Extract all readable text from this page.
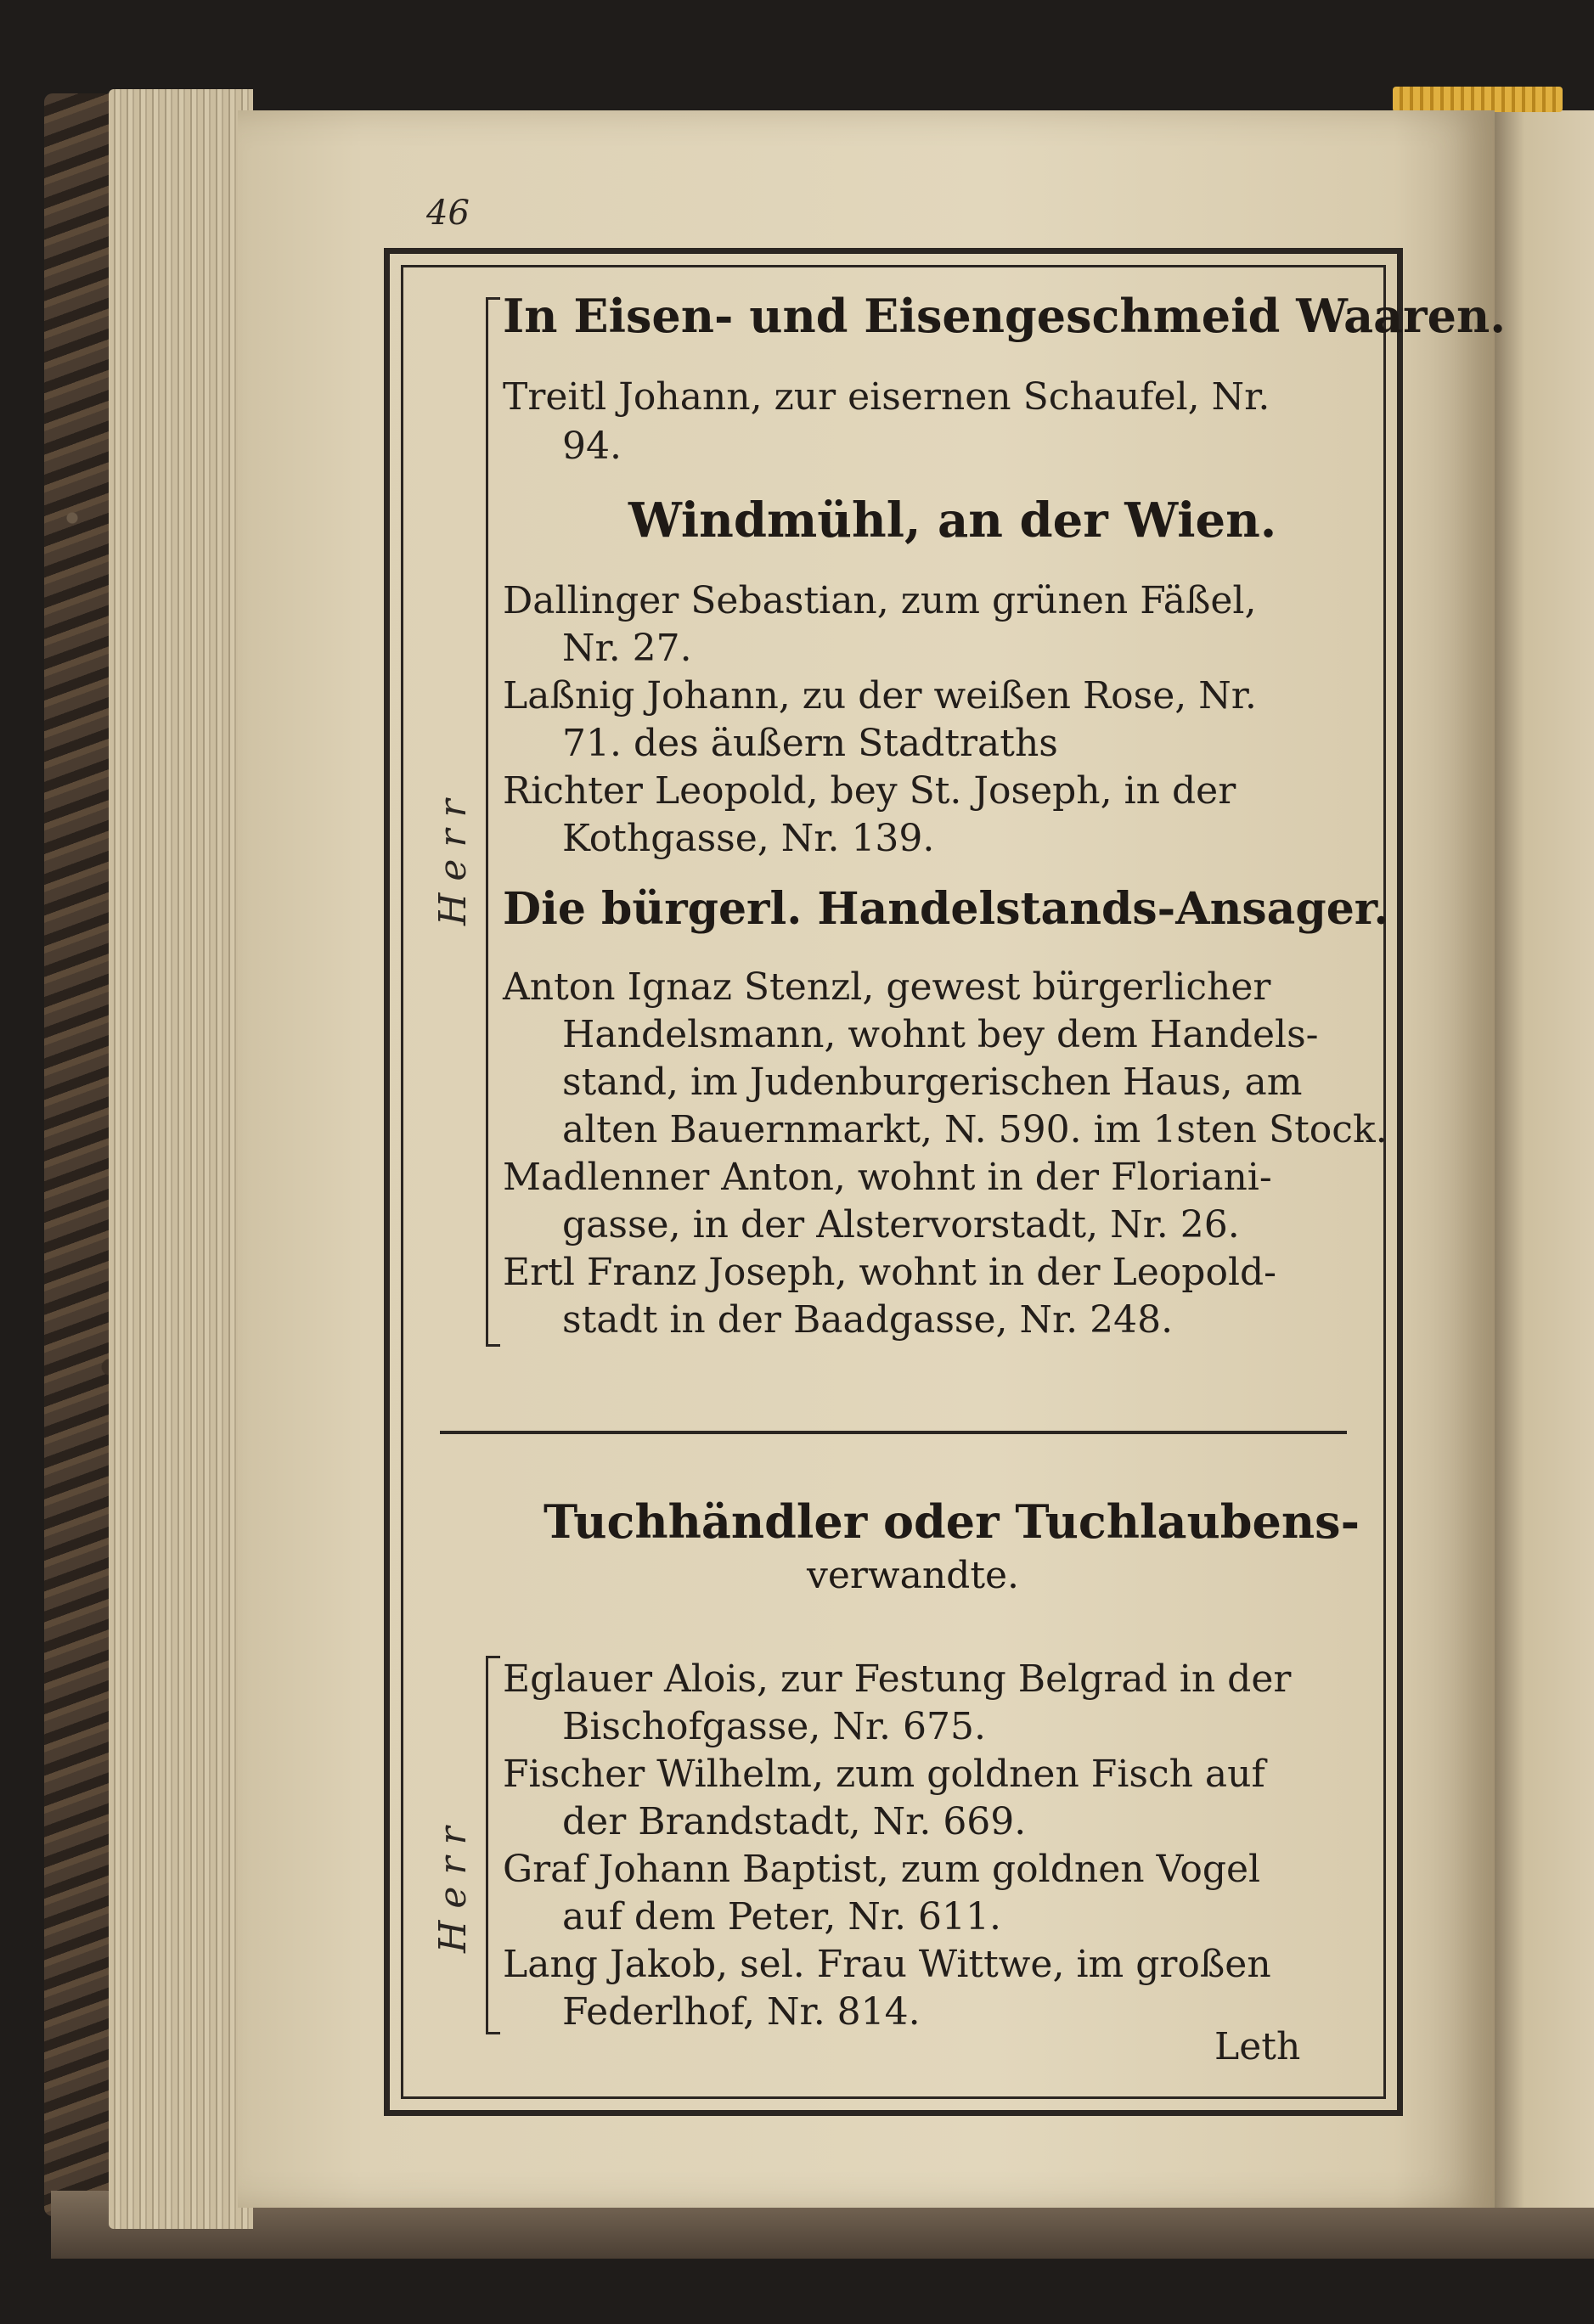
46
In Eisen- und Eisengeschmeid Waaren.
Treitl Johann, zur eisernen Schaufel, Nr.
94.
Windmühl, an der Wien.
Dallinger Sebastian, zum grünen Fäßel,
Nr. 27.
Laßnig Johann, zu der weißen Rose, Nr.
71. des äußern Stadtraths
Richter Leopold, bey St. Joseph, in der
Kothgasse, Nr. 139.
Die bürgerl. Handelstands-Ansager.
Anton Ignaz Stenzl, gewest bürgerlicher
Handelsmann, wohnt bey dem Handels-
stand, im Judenburgerischen Haus, am
alten Bauernmarkt, N. 590. im 1sten Stock.
Madlenner Anton, wohnt in der Floriani-
gasse, in der Alstervorstadt, Nr. 26.
Ertl Franz Joseph, wohnt in der Leopold-
stadt in der Baadgasse, Nr. 248.
Herr
Tuchhändler oder Tuchlaubens-
verwandte.
Eglauer Alois, zur Festung Belgrad in der
Bischofgasse, Nr. 675.
Fischer Wilhelm, zum goldnen Fisch auf
der Brandstadt, Nr. 669.
Graf Johann Baptist, zum goldnen Vogel
auf dem Peter, Nr. 611.
Lang Jakob, sel. Frau Wittwe, im großen
Federlhof, Nr. 814.
Herr
Leth
